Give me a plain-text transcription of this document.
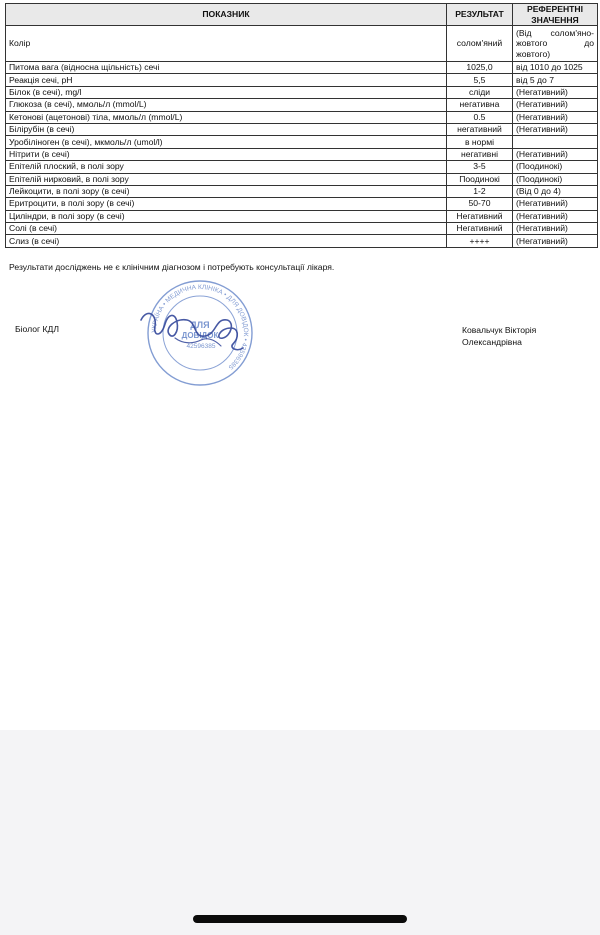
ПОКАЗНИК	РЕЗУЛЬТАТ	РЕФЕРЕНТНІ ЗНАЧЕННЯ
Колір	солом'яний	(Від солом'яно-жовтого до жовтого)
Питома вага (відносна щільність) сечі	1025,0	від 1010 до 1025
Реакція сечі, pH	5,5	від 5 до 7
Білок (в сечі), mg/l	сліди	(Негативний)
Глюкоза (в сечі), ммоль/л (mmol/L)	негативна	(Негативний)
Кетонові (ацетонові) тіла, ммоль/л (mmol/L)	0.5	(Негативний)
Білірубін (в сечі)	негативний	(Негативний)
Уробіліноген (в сечі), мкмоль/л (umol/l)	в нормі	
Нітрити (в сечі)	негативні	(Негативний)
Епітелій плоский, в полі зору	3-5	(Поодинокі)
Епітелій нирковий, в полі зору	Поодинокі	(Поодинокі)
Лейкоцити, в полі зору (в сечі)	1-2	(Від 0 до 4)
Еритроцити, в полі зору (в сечі)	50-70	(Негативний)
Циліндри, в полі зору (в сечі)	Негативний	(Негативний)
Солі (в сечі)	Негативний	(Негативний)
Слиз (в сечі)	++++	(Негативний)
Результати досліджень не є клінічним діагнозом і потребують консультації лікаря.
Біолог КДЛ	УКРАЇНА • МЕДИЧНА КЛІНІКА • ДЛЯ ДОВІДОК • 42596385
ДЛЯ
ДОВІДОК
42596385
Ковальчук Вікторія
Олександрівна
